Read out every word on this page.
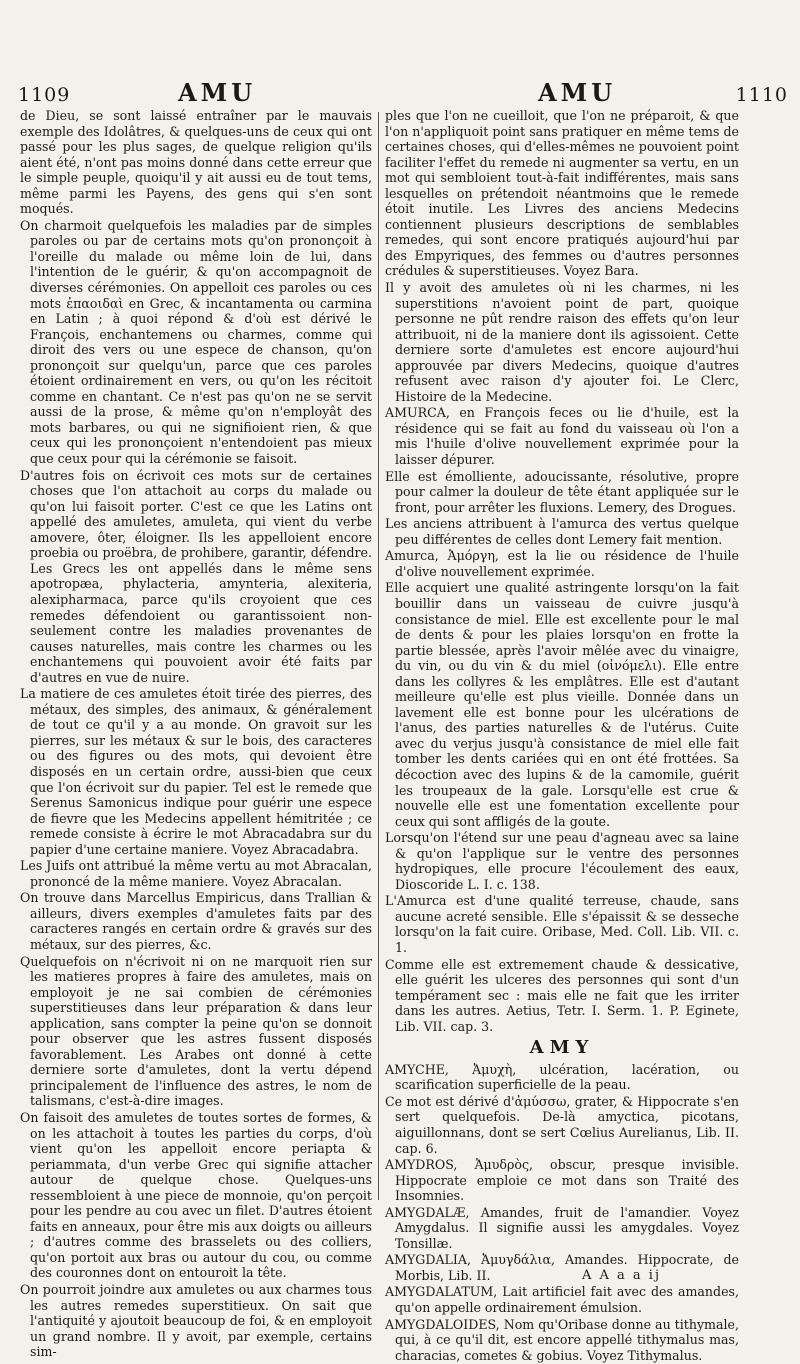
1109	AMU	AMU	1110

de Dieu, se sont laissé entraîner par le mauvais exemple des Idolâtres, & quelques-uns de ceux qui ont passé pour les plus sages, de quelque religion qu'ils aient été, n'ont pas moins donné dans cette erreur que le simple peuple, quoiqu'il y ait aussi eu de tout tems, même parmi les Payens, des gens qui s'en sont moqués.

On charmoit quelquefois les maladies par de simples paroles ou par de certains mots qu'on prononçoit à l'oreille du malade ou même loin de lui, dans l'intention de le guérir, & qu'on accompagnoit de diverses cérémonies. On appelloit ces paroles ou ces mots ἐπαοιδαὶ en Grec, & incantamenta ou carmina en Latin ; à quoi répond & d'où est dérivé le François, enchantemens ou charmes, comme qui diroit des vers ou une espece de chanson, qu'on prononçoit sur quelqu'un, parce que ces paroles étoient ordinairement en vers, ou qu'on les récitoit comme en chantant. Ce n'est pas qu'on ne se servit aussi de la prose, & même qu'on n'employât des mots barbares, ou qui ne signifioient rien, & que ceux qui les prononçoient n'entendoient pas mieux que ceux pour qui la cérémonie se faisoit.

D'autres fois on écrivoit ces mots sur de certaines choses que l'on attachoit au corps du malade ou qu'on lui faisoit porter. C'est ce que les Latins ont appellé des amuletes, amuleta, qui vient du verbe amovere, ôter, éloigner. Ils les appelloient encore proebia ou proëbra, de prohibere, garantir, défendre. Les Grecs les ont appellés dans le même sens apotropæa, phylacteria, amynteria, alexiteria, alexipharmaca, parce qu'ils croyoient que ces remedes défendoient ou garantissoient non-seulement contre les maladies provenantes de causes naturelles, mais contre les charmes ou les enchantemens qui pouvoient avoir été faits par d'autres en vue de nuire.

La matiere de ces amuletes étoit tirée des pierres, des métaux, des simples, des animaux, & généralement de tout ce qu'il y a au monde. On gravoit sur les pierres, sur les métaux & sur le bois, des caracteres ou des figures ou des mots, qui devoient être disposés en un certain ordre, aussi-bien que ceux que l'on écrivoit sur du papier. Tel est le remede que Serenus Samonicus indique pour guérir une espece de fievre que les Medecins appellent hémitritée ; ce remede consiste à écrire le mot Abracadabra sur du papier d'une certaine maniere. Voyez Abracadabra.

Les Juifs ont attribué la même vertu au mot Abracalan, prononcé de la même maniere. Voyez Abracalan.

On trouve dans Marcellus Empiricus, dans Trallian & ailleurs, divers exemples d'amuletes faits par des caracteres rangés en certain ordre & gravés sur des métaux, sur des pierres, &c.

Quelquefois on n'écrivoit ni on ne marquoit rien sur les matieres propres à faire des amuletes, mais on employoit je ne sai combien de cérémonies superstitieuses dans leur préparation & dans leur application, sans compter la peine qu'on se donnoit pour observer que les astres fussent disposés favorablement. Les Arabes ont donné à cette derniere sorte d'amuletes, dont la vertu dépend principalement de l'influence des astres, le nom de talismans, c'est-à-dire images.

On faisoit des amuletes de toutes sortes de formes, & on les attachoit à toutes les parties du corps, d'où vient qu'on les appelloit encore periapta & periammata, d'un verbe Grec qui signifie attacher autour de quelque chose. Quelques-uns ressembloient à une piece de monnoie, qu'on perçoit pour les pendre au cou avec un filet. D'autres étoient faits en anneaux, pour être mis aux doigts ou ailleurs ; d'autres comme des brasselets ou des colliers, qu'on portoit aux bras ou autour du cou, ou comme des couronnes dont on entouroit la tête.

On pourroit joindre aux amuletes ou aux charmes tous les autres remedes superstitieux. On sait que l'antiquité y ajoutoit beaucoup de foi, & en employoit un grand nombre. Il y avoit, par exemple, certains sim-

ples que l'on ne cueilloit, que l'on ne préparoit, & que l'on n'appliquoit point sans pratiquer en même tems de certaines choses, qui d'elles-mêmes ne pouvoient point faciliter l'effet du remede ni augmenter sa vertu, en un mot qui sembloient tout-à-fait indifférentes, mais sans lesquelles on prétendoit néantmoins que le remede étoit inutile. Les Livres des anciens Medecins contiennent plusieurs descriptions de semblables remedes, qui sont encore pratiqués aujourd'hui par des Empyriques, des femmes ou d'autres personnes crédules & superstitieuses. Voyez Bara.

Il y avoit des amuletes où ni les charmes, ni les superstitions n'avoient point de part, quoique personne ne pût rendre raison des effets qu'on leur attribuoit, ni de la maniere dont ils agissoient. Cette derniere sorte d'amuletes est encore aujourd'hui approuvée par divers Medecins, quoique d'autres refusent avec raison d'y ajouter foi. Le Clerc, Histoire de la Medecine.

AMURCA, en François feces ou lie d'huile, est la résidence qui se fait au fond du vaisseau où l'on a mis l'huile d'olive nouvellement exprimée pour la laisser dépurer.

Elle est émolliente, adoucissante, résolutive, propre pour calmer la douleur de tête étant appliquée sur le front, pour arrêter les fluxions. Lemery, des Drogues.

Les anciens attribuent à l'amurca des vertus quelque peu différentes de celles dont Lemery fait mention.

Amurca, Ἀμόργη, est la lie ou résidence de l'huile d'olive nouvellement exprimée.

Elle acquiert une qualité astringente lorsqu'on la fait bouillir dans un vaisseau de cuivre jusqu'à consistance de miel. Elle est excellente pour le mal de dents & pour les plaies lorsqu'on en frotte la partie blessée, après l'avoir mêlée avec du vinaigre, du vin, ou du vin & du miel (οἰνόμελι). Elle entre dans les collyres & les emplâtres. Elle est d'autant meilleure qu'elle est plus vieille. Donnée dans un lavement elle est bonne pour les ulcérations de l'anus, des parties naturelles & de l'utérus. Cuite avec du verjus jusqu'à consistance de miel elle fait tomber les dents cariées qui en ont été frottées. Sa décoction avec des lupins & de la camomile, guérit les troupeaux de la gale. Lorsqu'elle est crue & nouvelle elle est une fomentation excellente pour ceux qui sont affligés de la goute.

Lorsqu'on l'étend sur une peau d'agneau avec sa laine & qu'on l'applique sur le ventre des personnes hydropiques, elle procure l'écoulement des eaux, Dioscoride L. I. c. 138.

L'Amurca est d'une qualité terreuse, chaude, sans aucune acreté sensible. Elle s'épaissit & se desseche lorsqu'on la fait cuire. Oribase, Med. Coll. Lib. VII. c. 1.

Comme elle est extremement chaude & dessicative, elle guérit les ulceres des personnes qui sont d'un tempérament sec : mais elle ne fait que les irriter dans les autres. Aetius, Tetr. I. Serm. 1. P. Eginete, Lib. VII. cap. 3.

AMY

AMYCHE, Ἀμυχὴ, ulcération, lacération, ou scarification superficielle de la peau.

Ce mot est dérivé d'ἀμύσσω, grater, & Hippocrate s'en sert quelquefois. De-là amyctica, picotans, aiguillonnans, dont se sert Cœlius Aurelianus, Lib. II. cap. 6.

AMYDROS, Ἀμυδρὸς, obscur, presque invisible. Hippocrate emploie ce mot dans son Traité des Insomnies.

AMYGDALÆ, Amandes, fruit de l'amandier. Voyez Amygdalus. Il signifie aussi les amygdales. Voyez Tonsillæ.

AMYGDALIA, Ἀμυγδάλια, Amandes. Hippocrate, de Morbis, Lib. II.

AMYGDALATUM, Lait artificiel fait avec des amandes, qu'on appelle ordinairement émulsion.

AMYGDALOIDES, Nom qu'Oribase donne au tithymale, qui, à ce qu'il dit, est encore appellé tithymalus mas, characias, cometes & gobius. Voyez Tithymalus.

A A a a ij
